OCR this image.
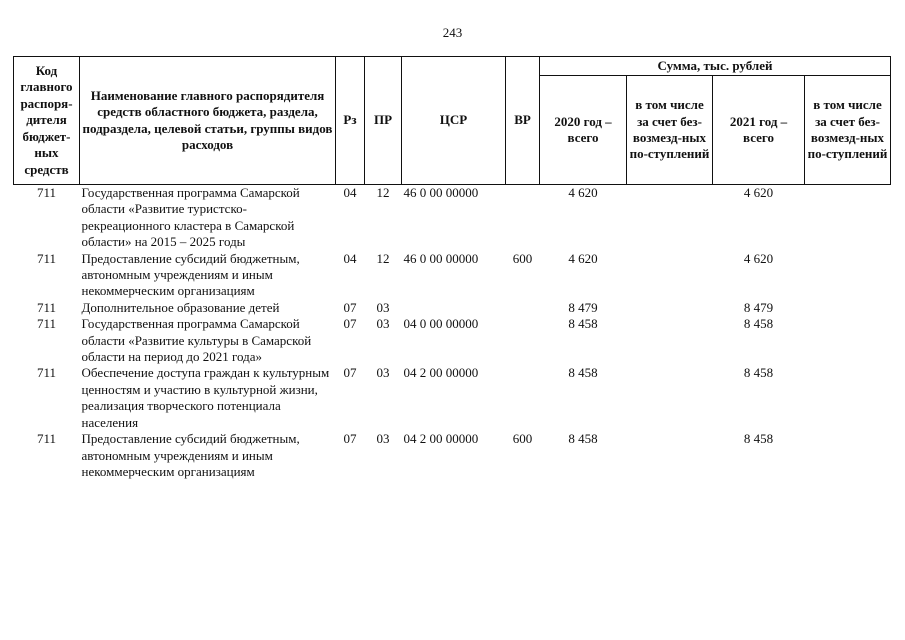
243
Код главного распоря-дителя бюджет-ных средств	Наименование главного распорядителя средств областного бюджета, раздела, подраздела, целевой статьи, группы видов расходов	Рз	ПР	ЦСР	ВР	Сумма, тыс. рублей			
						2020 год – всего	в том числе за счет без-возмезд-ных по-ступлений	2021 год – всего	в том числе за счет без-возмезд-ных по-ступлений
711	Государственная программа Самарской области «Развитие туристско-рекреационного кластера в Самарской области» на 2015 – 2025 годы	04	12	46 0 00 00000		4 620		4 620	
711	Предоставление субсидий бюджетным, автономным учреждениям и иным некоммерческим организациям	04	12	46 0 00 00000	600	4 620		4 620	
711	Дополнительное образование детей	07	03			8 479		8 479	
711	Государственная программа Самарской области «Развитие культуры в Самарской области на период до 2021 года»	07	03	04 0 00 00000		8 458		8 458	
711	Обеспечение доступа граждан к культурным ценностям и участию в культурной жизни, реализация творческого потенциала населения	07	03	04 2 00 00000		8 458		8 458	
711	Предоставление субсидий бюджетным, автономным учреждениям и иным некоммерческим организациям	07	03	04 2 00 00000	600	8 458		8 458	
